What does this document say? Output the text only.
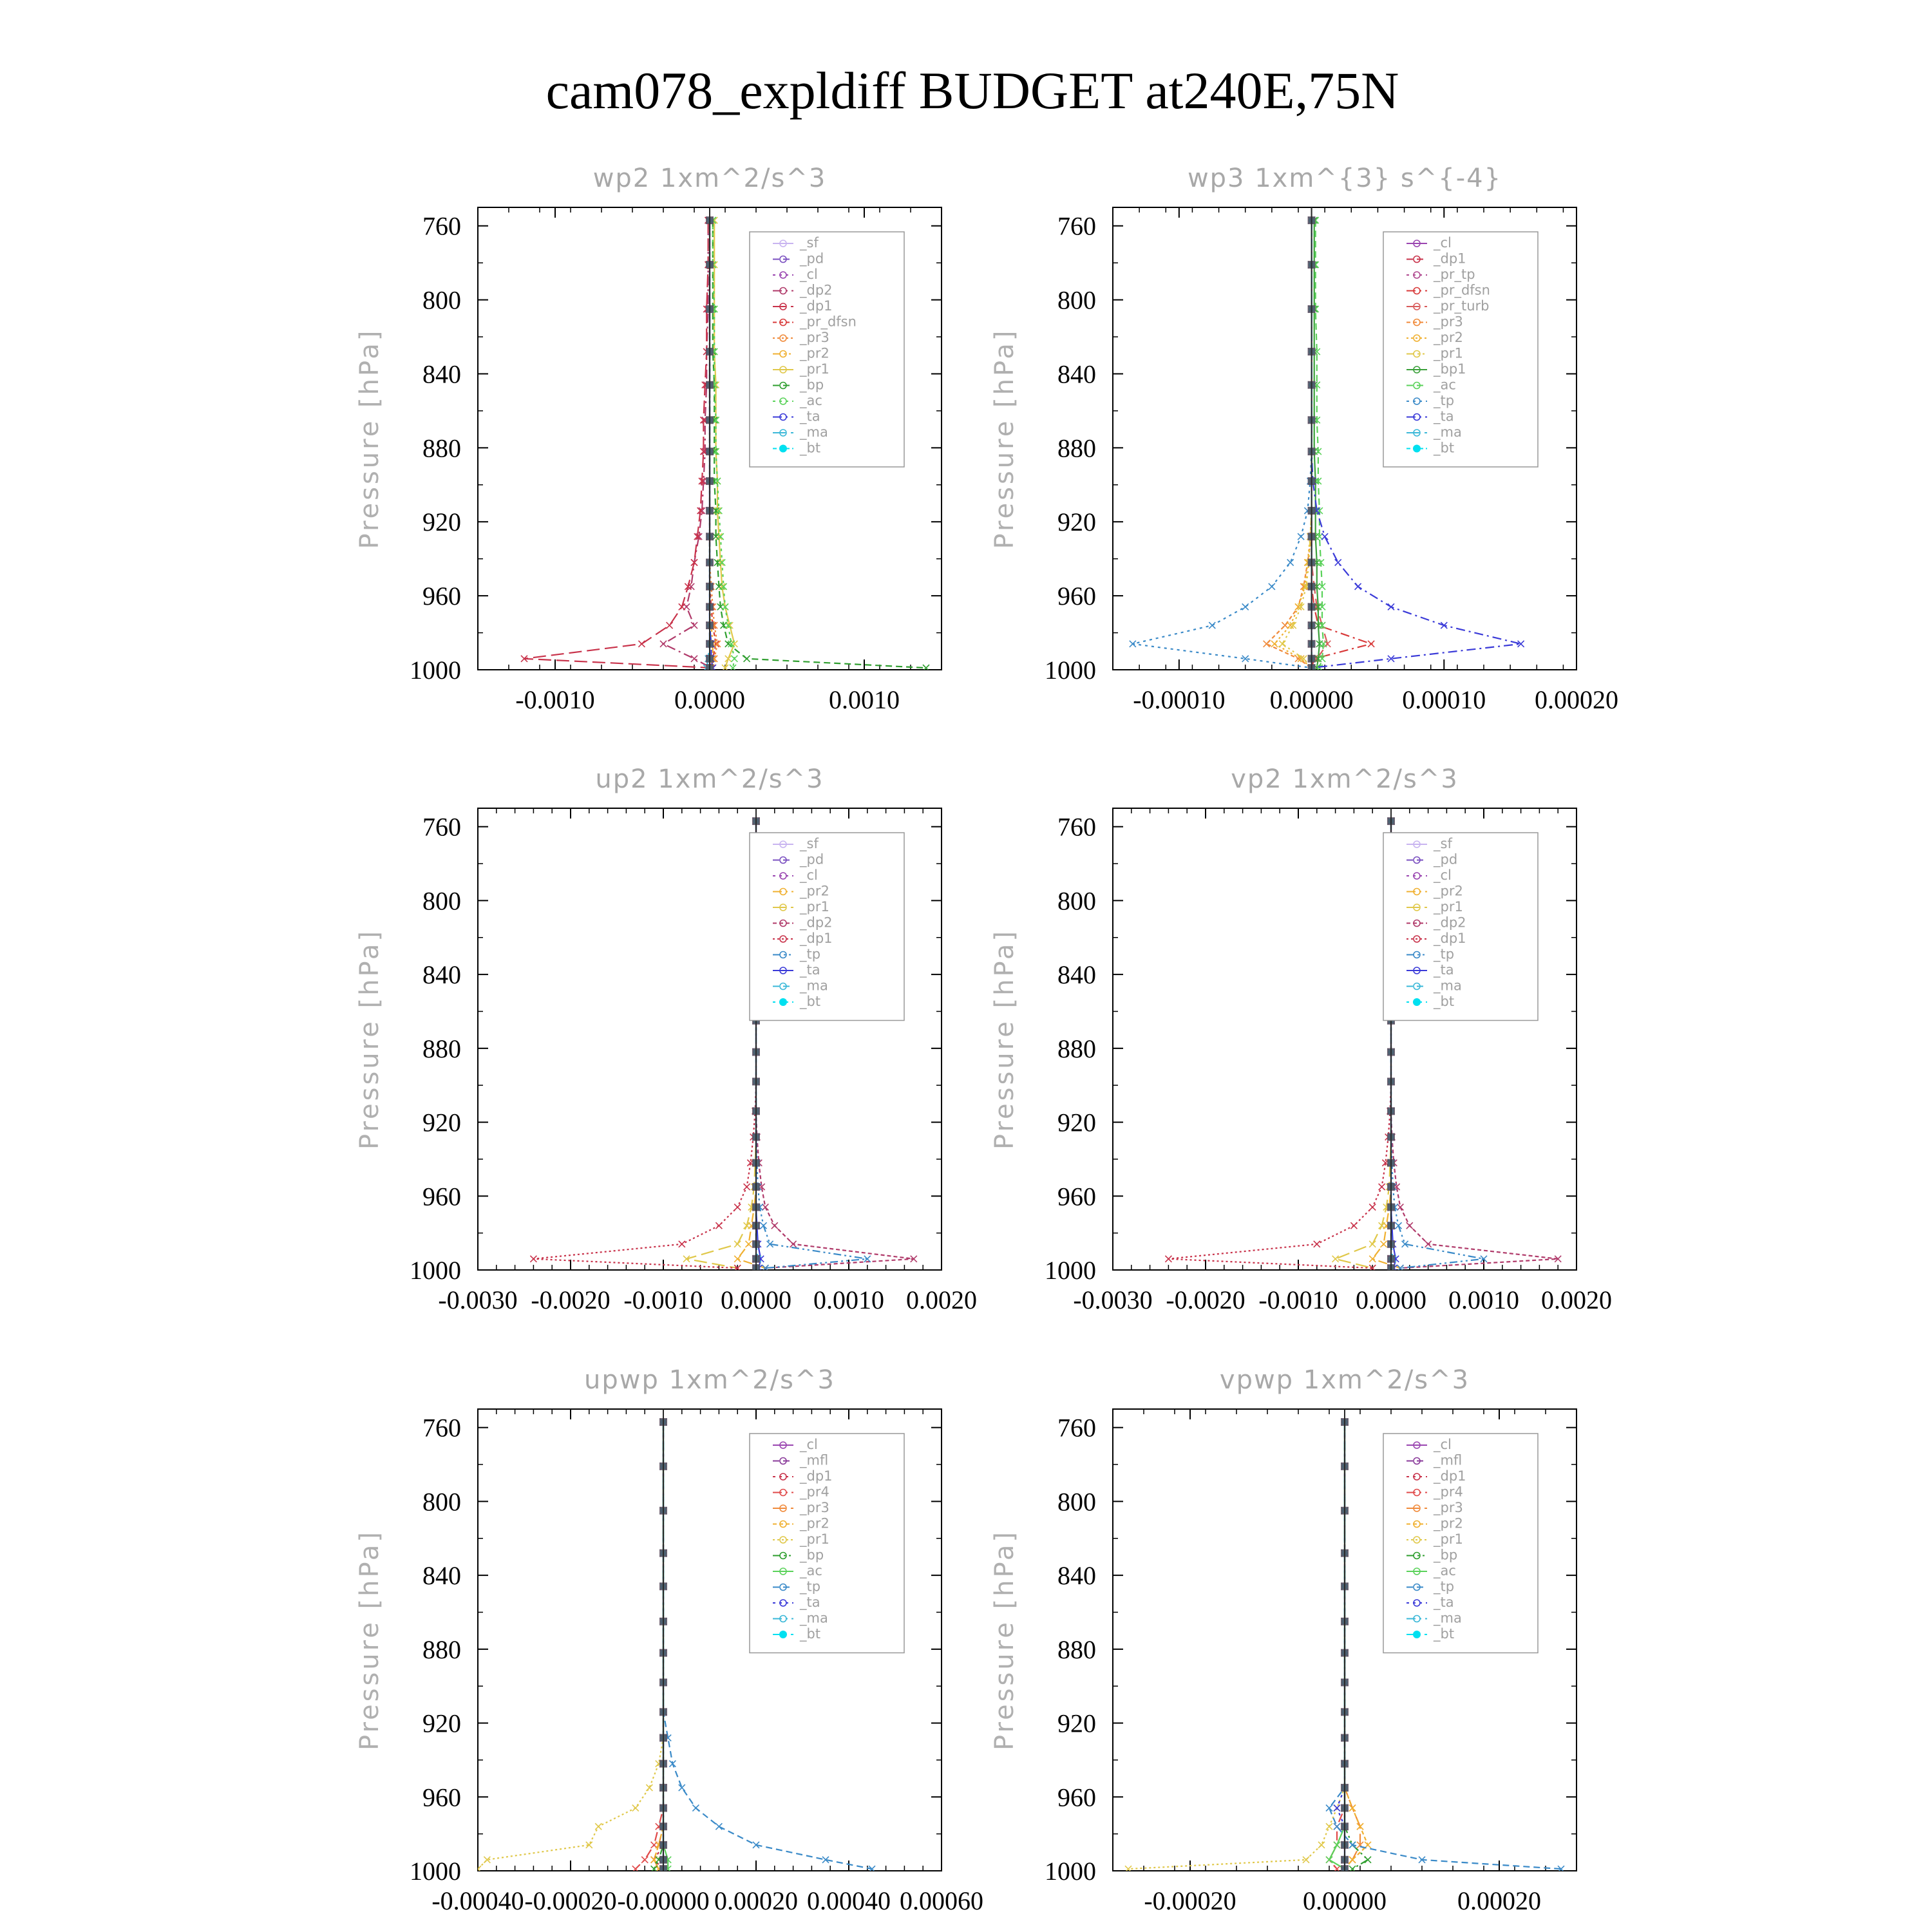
cam078_expldiff BUDGET at240E,75N
wp2 1xm^2/s^3
Pressure [hPa]
760
800
840
880
920
960
1000
-0.0010	0.0000	0.0010
_sf
_pd
_cl
_dp2
_dp1
_pr_dfsn
_pr3
_pr2
_pr1
_bp
_ac
_ta
_ma
_bt
wp3 1xm^{3} s^{-4}
Pressure [hPa]
760
800
840
880
920
960
1000
-0.00010 0.00000 0.00010 0.00020
_cl
_dp1
_pr_tp
_pr_dfsn
_pr_turb
_pr3
_pr2
_pr1
_bp1
_ac
_tp
_ta
_ma
_bt
up2 1xm^2/s^3
Pressure [hPa]
760
800
840
880
920
960
1000
-0.0030 -0.0020 -0.0010 0.0000 0.0010 0.0020
_sf
_pd
_cl
_pr2
_pr1
_dp2
_dp1
_tp
_ta
_ma
_bt
vp2 1xm^2/s^3
Pressure [hPa]
760
800
840
880
920
960
1000
-0.0030 -0.0020 -0.0010 0.0000 0.0010 0.0020
_sf
_pd
_cl
_pr2
_pr1
_dp2
_dp1
_tp
_ta
_ma
_bt
upwp 1xm^2/s^3
Pressure [hPa]
760
800
840
880
920
960
1000
-0.00040 -0.00020 -0.00000 0.00020 0.00040 0.00060
_cl
_mfl
_dp1
_pr4
_pr3
_pr2
_pr1
_bp
_ac
_tp
_ta
_ma
_bt
vpwp 1xm^2/s^3
Pressure [hPa]
760
800
840
880
920
960
1000
-0.00020	0.00000	0.00020
_cl
_mfl
_dp1
_pr4
_pr3
_pr2
_pr1
_bp
_ac
_tp
_ta
_ma
_bt
